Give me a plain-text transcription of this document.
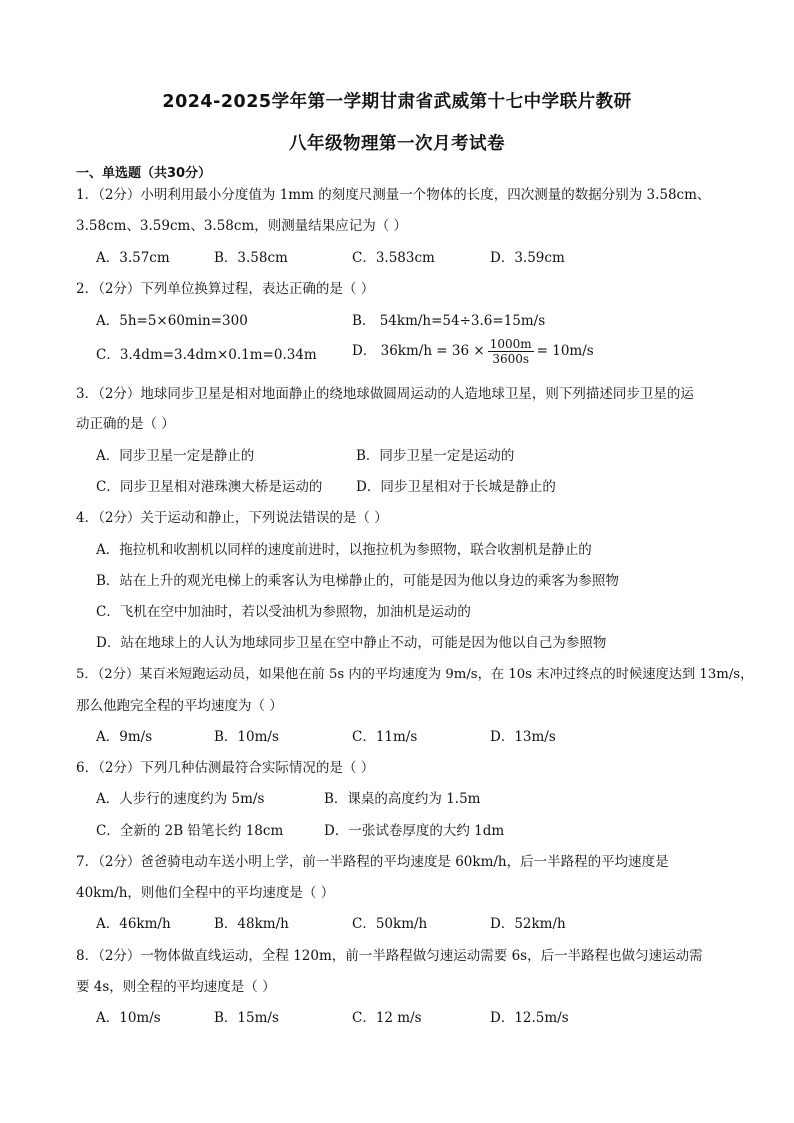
2024-2025学年第一学期甘肃省武威第十七中学联片教研
八年级物理第一次月考试卷
一、单选题（共30分）
1．（2分）小明利用最小分度值为 1mm 的刻度尺测量一个物体的长度，四次测量的数据分别为 3.58cm、
3.58cm、3.59cm、3.58cm，则测量结果应记为（ ）
A．3.57cm	B．3.58cm	C．3.583cm	D．3.59cm
2．（2分）下列单位换算过程，表达正确的是（ ）
A．5h=5×60min=300	B． 54km/h=54÷3.6=15m/s
C．3.4dm=3.4dm×0.1m=0.34m	D． $36km/h = 36 \times \frac{1000m}{3600s} = 10m/s$
3．（2分）地球同步卫星是相对地面静止的绕地球做圆周运动的人造地球卫星，则下列描述同步卫星的运
动正确的是（ ）
A．同步卫星一定是静止的	B．同步卫星一定是运动的
C．同步卫星相对港珠澳大桥是运动的 D．同步卫星相对于长城是静止的
4．（2分）关于运动和静止，下列说法错误的是（ ）
A．拖拉机和收割机以同样的速度前进时，以拖拉机为参照物，联合收割机是静止的
B．站在上升的观光电梯上的乘客认为电梯静止的，可能是因为他以身边的乘客为参照物
C．飞机在空中加油时，若以受油机为参照物，加油机是运动的
D．站在地球上的人认为地球同步卫星在空中静止不动，可能是因为他以自己为参照物
5．（2分）某百米短跑运动员，如果他在前 5s 内的平均速度为 9m/s，在 10s 末冲过终点的时候速度达到 13m/s，
那么他跑完全程的平均速度为（ ）
A．9m/s	B．10m/s	C．11m/s	D．13m/s
6．（2分）下列几种估测最符合实际情况的是（ ）
A．人步行的速度约为 5m/s	B．课桌的高度约为 1.5m
C．全新的 2B 铅笔长约 18cm	D．一张试卷厚度的大约 1dm
7．（2分）爸爸骑电动车送小明上学，前一半路程的平均速度是 60km/h，后一半路程的平均速度是
40km/h，则他们全程中的平均速度是（ ）
A．46km/h	B．48km/h	C．50km/h	D．52km/h
8．（2分）一物体做直线运动，全程 120m，前一半路程做匀速运动需要 6s，后一半路程也做匀速运动需
要 4s，则全程的平均速度是（ ）
A．10m/s	B．15m/s	C．12 m/s	D．12.5m/s
